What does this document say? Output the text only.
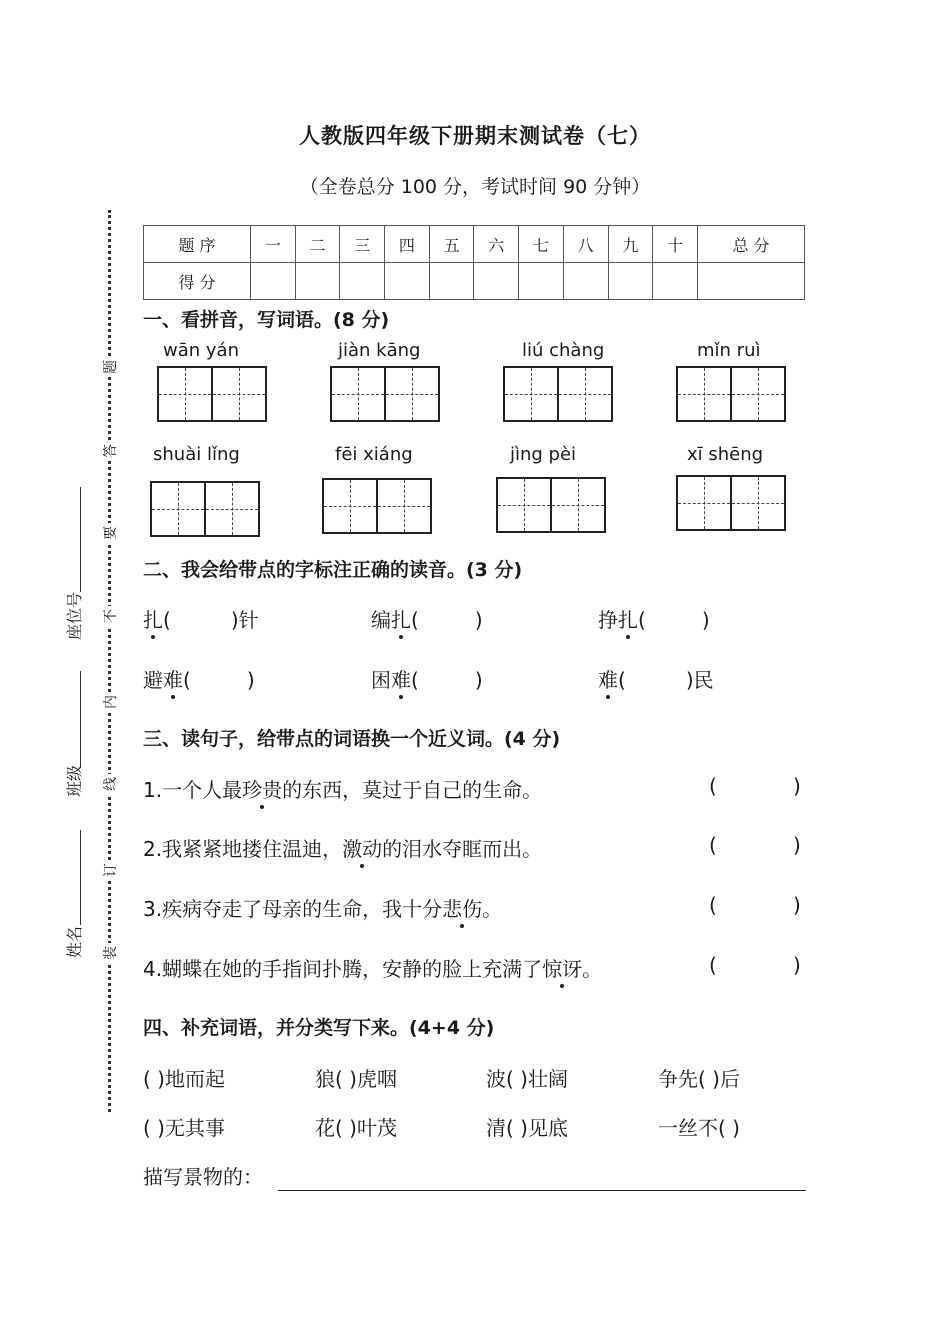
人教版四年级下册期末测试卷（七）
（全卷总分 100 分，考试时间 90 分钟）
题
答
要
不
内
线
订
装
座位号
班级
姓名
题 序	一	二	三	四	五	六	七	八	九	十	总 分
得 分											
一、看拼音，写词语。(8 分)
wān yán	jiàn kāng	liú chàng	mǐn ruì
shuài lǐng	fēi xiáng	jìng pèi	xī shēng
二、我会给带点的字标注正确的读音。(3 分)
扎(	)针	编扎(	)	挣扎(	)
避难(	)	困难(	)	难(	)民
三、读句子，给带点的词语换一个近义词。(4 分)
1.一个人最珍贵的东西，莫过于自己的生命。	(	)
2.我紧紧地搂住温迪，激动的泪水夺眶而出。	(	)
3.疾病夺走了母亲的生命，我十分悲伤。	(	)
4.蝴蝶在她的手指间扑腾，安静的脸上充满了惊讶。	(	)
四、补充词语，并分类写下来。(4+4 分)
( )地而起	狼( )虎咽	波( )壮阔	争先( )后
( )无其事	花( )叶茂	清( )见底	一丝不( )
描写景物的：
